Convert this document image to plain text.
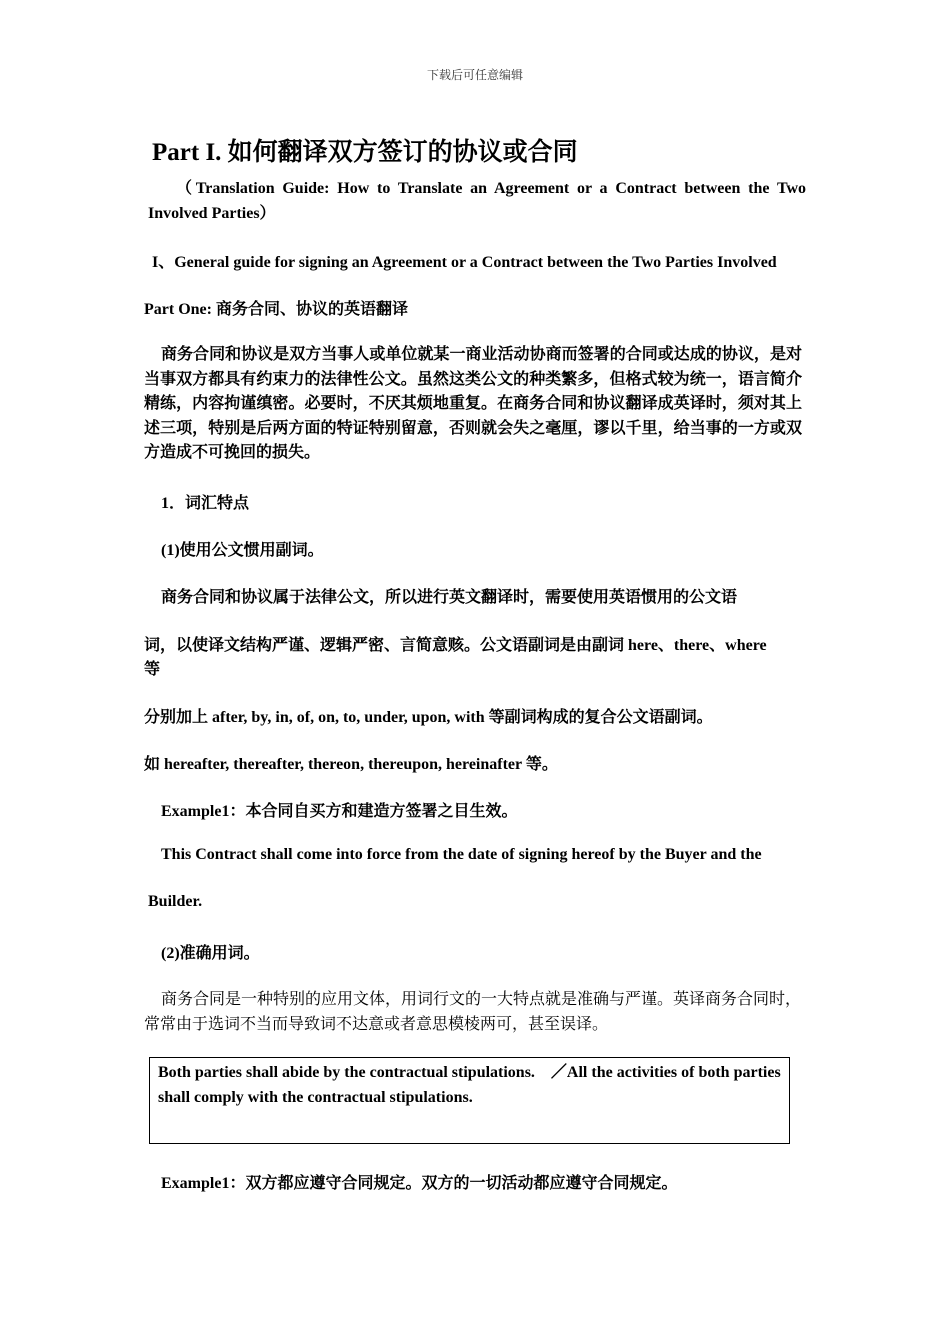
下载后可任意编辑
Part I. 如何翻译双方签订的协议或合同
（Translation Guide: How to Translate an Agreement or a Contract between the Two Involved Parties）
I、General guide for signing an Agreement or a Contract between the Two Parties Involved
Part One: 商务合同、协议的英语翻译
商务合同和协议是双方当事人或单位就某一商业活动协商而签署的合同或达成的协议，是对当事双方都具有约束力的法律性公文。虽然这类公文的种类繁多，但格式较为统一，语言简介精练，内容拘谨缜密。必要时，不厌其烦地重复。在商务合同和协议翻译成英译时，须对其上述三项，特别是后两方面的特证特别留意，否则就会失之毫厘，谬以千里，给当事的一方或双方造成不可挽回的损失。
1．词汇特点
(1)使用公文惯用副词。
商务合同和协议属于法律公文，所以进行英文翻译时，需要使用英语惯用的公文语
词，以使译文结构严谨、逻辑严密、言简意赅。公文语副词是由副词 here、there、where
等
分别加上 after, by, in, of, on, to, under, upon, with 等副词构成的复合公文语副词。
如 hereafter, thereafter, thereon, thereupon, hereinafter 等。
Example1：本合同自买方和建造方签署之目生效。
This Contract shall come into force from the date of signing hereof by the Buyer and the
Builder.
(2)准确用词。
商务合同是一种特别的应用文体，用词行文的一大特点就是准确与严谨。英译商务合同时，常常由于选词不当而导致词不达意或者意思模棱两可，甚至误译。
Both parties shall abide by the contractual stipulations.　／All the activities of both parties shall comply with the contractual stipulations.
Example1：双方都应遵守合同规定。双方的一切活动都应遵守合同规定。
